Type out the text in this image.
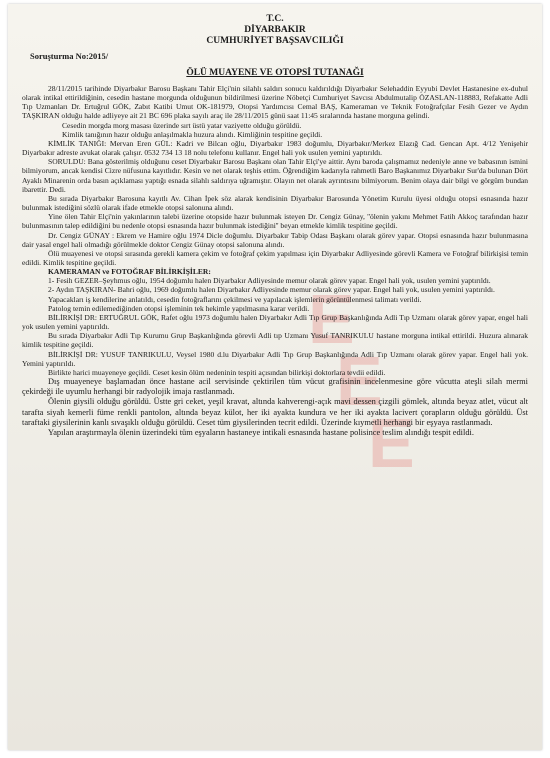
T.C.
DİYARBAKIR
CUMHURİYET BAŞSAVCILIĞI
Soruşturma No:2015/
ÖLÜ MUAYENE VE OTOPSİ TUTANAĞI
E
E
E

28/11/2015 tarihinde Diyarbakır Barosu Başkanı Tahir Elçi'nin silahlı saldırı sonucu kaldırıldığı Diyarbakır Selehaddin Eyyubi Devlet Hastanesine ex-duhul olarak intikal ettirildiğinin, cesedin hastane morgunda olduğunun bildirilmesi üzerine Nöbetçi Cumhuriyet Savcısı Abdulmutalip ÖZASLAN-118883, Refakatte Adli Tıp Uzmanları Dr. Ertuğrul GÖK, Zabıt Katibi Umut OK-181979, Otopsi Yardımcısı Cemal BAŞ, Kameraman ve Teknik Fotoğrafçılar Fesih Gezer ve Aydın TAŞKIRAN olduğu halde adliyeye ait 21 BC 696 plaka sayılı araç ile 28/11/2015 günü saat 11:45 sıralarında hastane morguna gelindi.

Cesedin morgda morg masası üzerinde sırt üstü yatar vaziyette olduğu görüldü.

Kimlik tanığının hazır olduğu anlaşılmakla huzura alındı. Kimliğinin tespitine geçildi.

KİMLİK TANIĞI: Mervan Eren GÜL: Kadri ve Bilcan oğlu, Diyarbakır 1983 doğumlu, Diyarbakır/Merkez Elazığ Cad. Gencan Apt. 4/12 Yenişehir Diyarbakır adreste avukat olarak çalışır. 0532 734 13 18 nolu telefonu kullanır. Engel hali yok usulen yemini yaptırıldı.

SORULDU: Bana gösterilmiş olduğunu ceset Diyarbakır Barosu Başkanı olan Tahir Elçi'ye aittir. Aynı baroda çalışmamız nedeniyle anne ve babasının ismini bilmiyorum, ancak kendisi Cizre nüfusuna kayıtlıdır. Kesin ve net olarak teşhis ettim. Öğrendiğim kadarıyla rahmetli Baro Başkanımız Diyarbakır Sur'da bulunan Dört Ayaklı Minarenin orda basın açıklaması yaptığı esnada silahlı saldırıya uğramıştır. Olayın net olarak ayrıntısını bilmiyorum. Benim olaya dair bilgi ve görgüm bundan ibarettir. Dedi.

Bu sırada Diyarbakır Barosuna kayıtlı Av. Cihan İpek söz alarak kendisinin Diyarbakır Barosunda Yönetim Kurulu üyesi olduğu otopsi esnasında hazır bulunmak istediğini sözlü olarak ifade etmekle otopsi salonuna alındı.

Yine ölen Tahir Elçi'nin yakınlarının talebi üzerine otopside hazır bulunmak isteyen Dr. Cengiz Günay, ''ölenin yakını Mehmet Fatih Akkoç tarafından hazır bulunmasının talep edildiğini bu nedenle otopsi esnasında hazır bulunmak istediğini'' beyan etmekle kimlik tespitine geçildi.

Dr. Cengiz GÜNAY : Ekrem ve Hamire oğlu 1974 Dicle doğumlu. Diyarbakır Tabip Odası Başkanı olarak görev yapar. Otopsi esnasında hazır bulunmasına dair yasal engel hali olmadığı görülmekle doktor Cengiz Günay otopsi salonuna alındı.

Ölü muayenesi ve otopsi sırasında gerekli kamera çekim ve fotoğraf çekim yapılması için Diyarbakır Adliyesinde görevli Kamera ve Fotoğraf bilirkişisi temin edildi. Kimlik tespitine geçildi.

KAMERAMAN ve FOTOĞRAF BİLİRKİŞİLER:

1- Fesih GEZER–Şeyhmus oğlu, 1954 doğumlu halen Diyarbakır Adliyesinde memur olarak görev yapar. Engel hali yok, usulen yemini yaptırıldı.

2- Aydın TAŞKIRAN- Bahri oğlu, 1969 doğumlu halen Diyarbakır Adliyesinde memur olarak görev yapar. Engel hali yok, usulen yemini yaptırıldı.

Yapacakları iş kendilerine anlatıldı, cesedin fotoğraflarını çekilmesi ve yapılacak işlemlerin görüntülenmesi talimatı verildi.

Patolog temin edilemediğinden otopsi işleminin tek hekimle yapılmasına karar verildi.

BİLİRKİŞİ DR: ERTUĞRUL GÖK, Rafet oğlu 1973 doğumlu halen Diyarbakır Adli Tıp Grup Başkanlığında Adli Tıp Uzmanı olarak görev yapar, engel hali yok usulen yemini yaptırıldı.

Bu sırada Diyarbakır Adli Tıp Kurumu Grup Başkanlığında görevli Adli tıp Uzmanı Yusuf TANRIKULU hastane morguna intikal ettirildi. Huzura alınarak kimlik tespitine geçildi.

BİLİRKİŞİ DR: YUSUF TANRIKULU, Veysel 1980 d.lu Diyarbakır Adli Tıp Grup Başkanlığında Adli Tıp Uzmanı olarak görev yapar. Engel hali yok. Yemini yaptırıldı.

Birlikte harici muayeneye geçildi. Ceset kesin ölüm nedeninin tespiti açısından bilirkişi doktorlara tevdii edildi.

Dış muayeneye başlamadan önce hastane acil servisinde çektirilen tüm vücut grafisinin incelenmesine göre vücutta ateşli silah mermi çekirdeği ile uyumlu herhangi bir radyolojik imaja rastlanmadı.

Ölenin giysili olduğu görüldü. Üstte gri ceket, yeşil kravat, altında kahverengi-açık mavi dessen çizgili gömlek, altında beyaz atlet, vücut alt tarafta siyah kemerli füme renkli pantolon, altında beyaz külot, her iki ayakta kundura ve her iki ayakta lacivert çorapların olduğu görüldü. Üst taraftaki giysilerinin kanlı sıvaşıklı olduğu görüldü. Ceset tüm giysilerinden tecrit edildi. Üzerinde kıymetli herhangi bir eşyaya rastlanmadı.

Yapılan araştırmayla ölenin üzerindeki tüm eşyaların hastaneye intikali esnasında hastane polisince teslim alındığı tespit edildi.
